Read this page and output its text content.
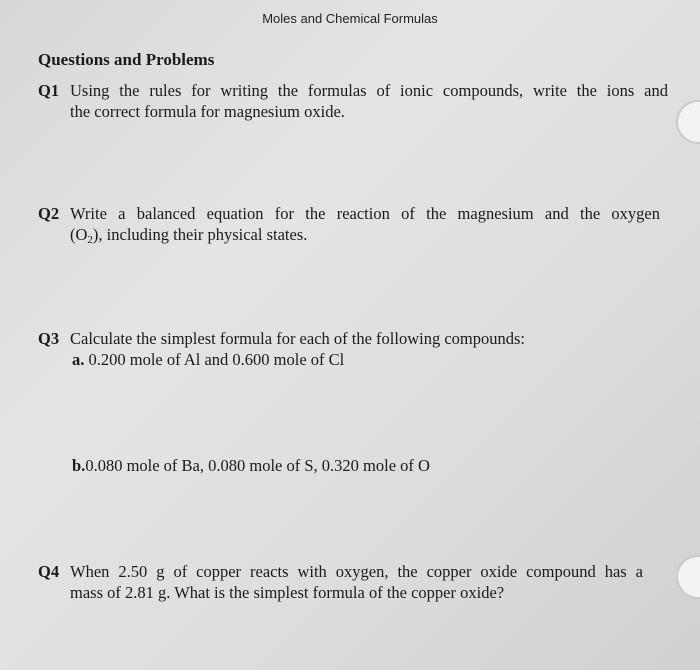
Moles and Chemical Formulas
Questions and Problems
Q1 Using the rules for writing the formulas of ionic compounds, write the ions and
the correct formula for magnesium oxide.
Q2 Write a balanced equation for the reaction of the magnesium and the oxygen
$(O_2)$, including their physical states.
Q3 Calculate the simplest formula for each of the following compounds:
a. 0.200 mole of Al and 0.600 mole of Cl
b.0.080 mole of Ba, 0.080 mole of S, 0.320 mole of O
Q4 When 2.50 g of copper reacts with oxygen, the copper oxide compound has a
mass of 2.81 g. What is the simplest formula of the copper oxide?
